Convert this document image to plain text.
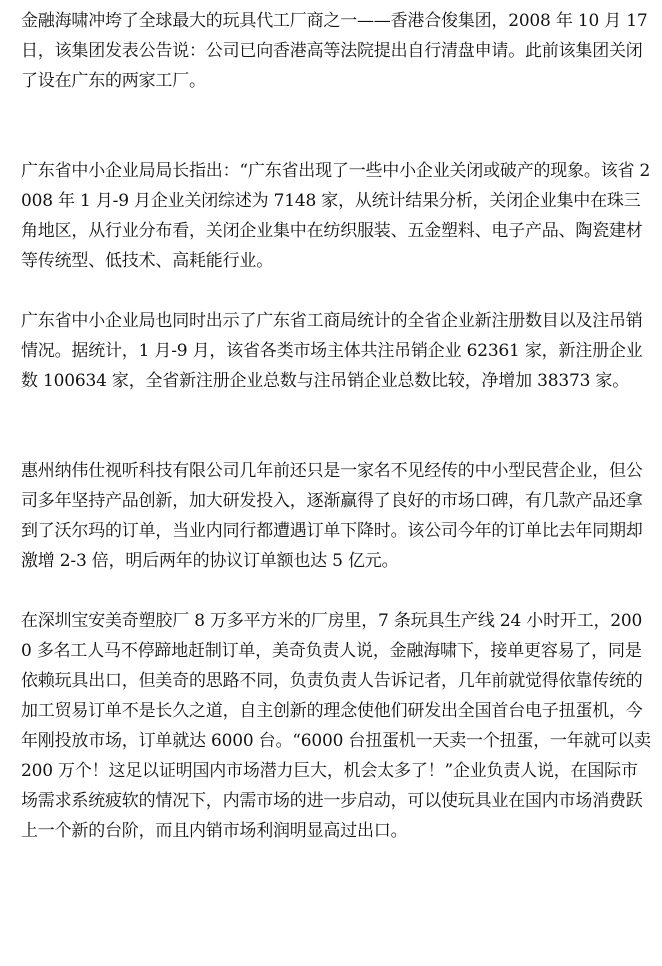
金融海啸冲垮了全球最大的玩具代工厂商之一——香港合俊集团，2008 年 10 月 17 日，该集团发表公告说：公司已向香港高等法院提出自行清盘申请。此前该集团关闭了设在广东的两家工厂。

广东省中小企业局局长指出：“广东省出现了一些中小企业关闭或破产的现象。该省 2008 年 1 月-9 月企业关闭综述为 7148 家，从统计结果分析，关闭企业集中在珠三角地区，从行业分布看，关闭企业集中在纺织服装、五金塑料、电子产品、陶瓷建材等传统型、低技术、高耗能行业。

广东省中小企业局也同时出示了广东省工商局统计的全省企业新注册数目以及注吊销情况。据统计，1 月-9 月，该省各类市场主体共注吊销企业 62361 家，新注册企业数 100634 家，全省新注册企业总数与注吊销企业总数比较，净增加 38373 家。

惠州纳伟仕视听科技有限公司几年前还只是一家名不见经传的中小型民营企业，但公司多年坚持产品创新，加大研发投入，逐渐赢得了良好的市场口碑，有几款产品还拿到了沃尔玛的订单，当业内同行都遭遇订单下降时。该公司今年的订单比去年同期却激增 2-3 倍，明后两年的协议订单额也达 5 亿元。

在深圳宝安美奇塑胶厂 8 万多平方米的厂房里，7 条玩具生产线 24 小时开工，2000 多名工人马不停蹄地赶制订单，美奇负责人说，金融海啸下，接单更容易了，同是依赖玩具出口，但美奇的思路不同，负责负责人告诉记者，几年前就觉得依靠传统的加工贸易订单不是长久之道，自主创新的理念使他们研发出全国首台电子扭蛋机，今年刚投放市场，订单就达 6000 台。“6000 台扭蛋机一天卖一个扭蛋，一年就可以卖 200 万个！这足以证明国内市场潜力巨大，机会太多了！”企业负责人说，在国际市场需求系统疲软的情况下，内需市场的进一步启动，可以使玩具业在国内市场消费跃上一个新的台阶，而且内销市场利润明显高过出口。
